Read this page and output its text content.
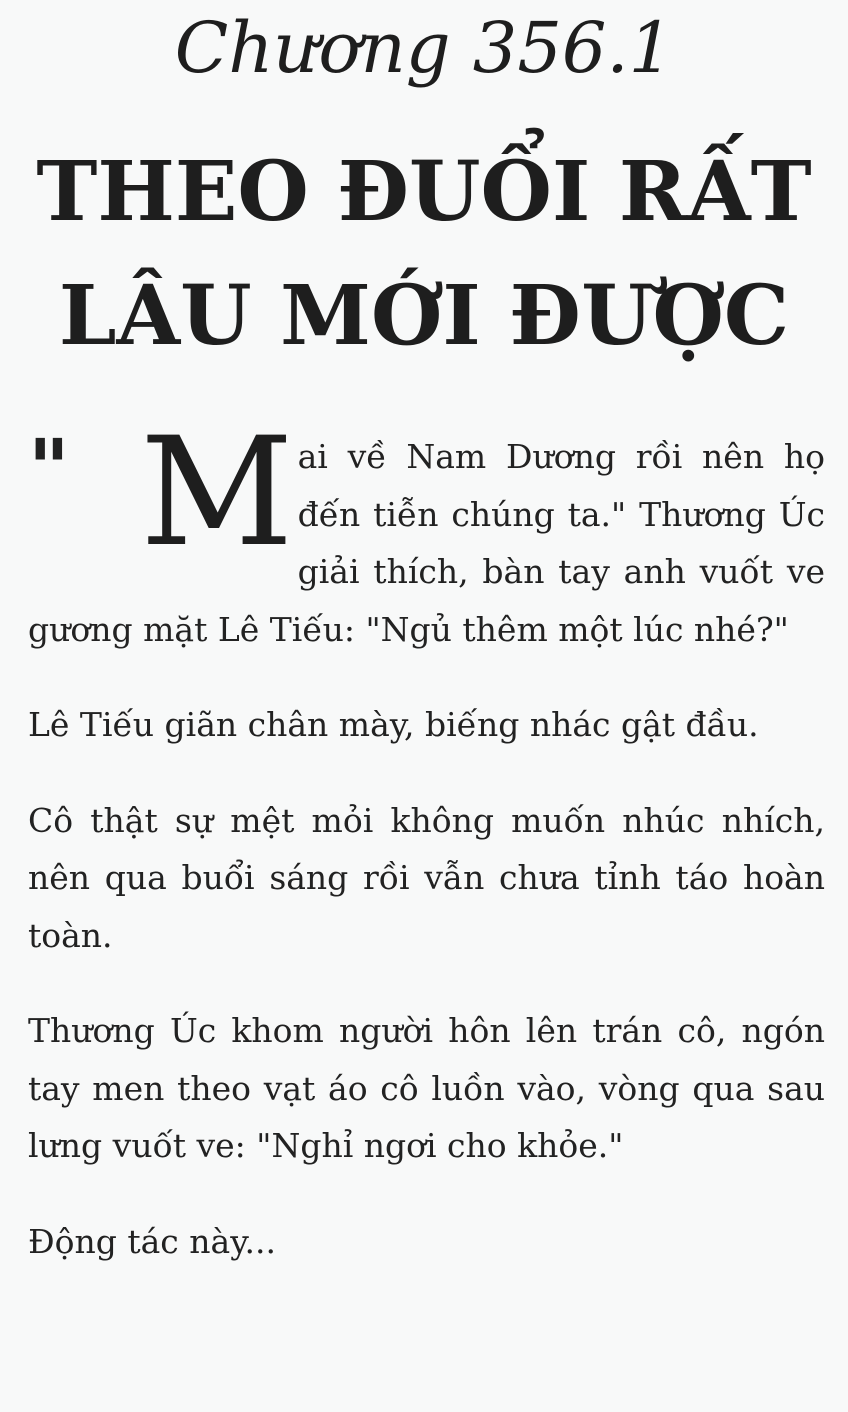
Chương 356.1
THEO ĐUỔI RẤT LÂU MỚI ĐƯỢC

" M ai về Nam Dương rồi nên họ đến tiễn chúng ta." Thương Úc giải thích, bàn tay anh vuốt ve gương mặt Lê Tiếu: "Ngủ thêm một lúc nhé?"

Lê Tiếu giãn chân mày, biếng nhác gật đầu.

Cô thật sự mệt mỏi không muốn nhúc nhích, nên qua buổi sáng rồi vẫn chưa tỉnh táo hoàn toàn.

Thương Úc khom người hôn lên trán cô, ngón tay men theo vạt áo cô luồn vào, vòng qua sau lưng vuốt ve: "Nghỉ ngơi cho khỏe."

Động tác này...
